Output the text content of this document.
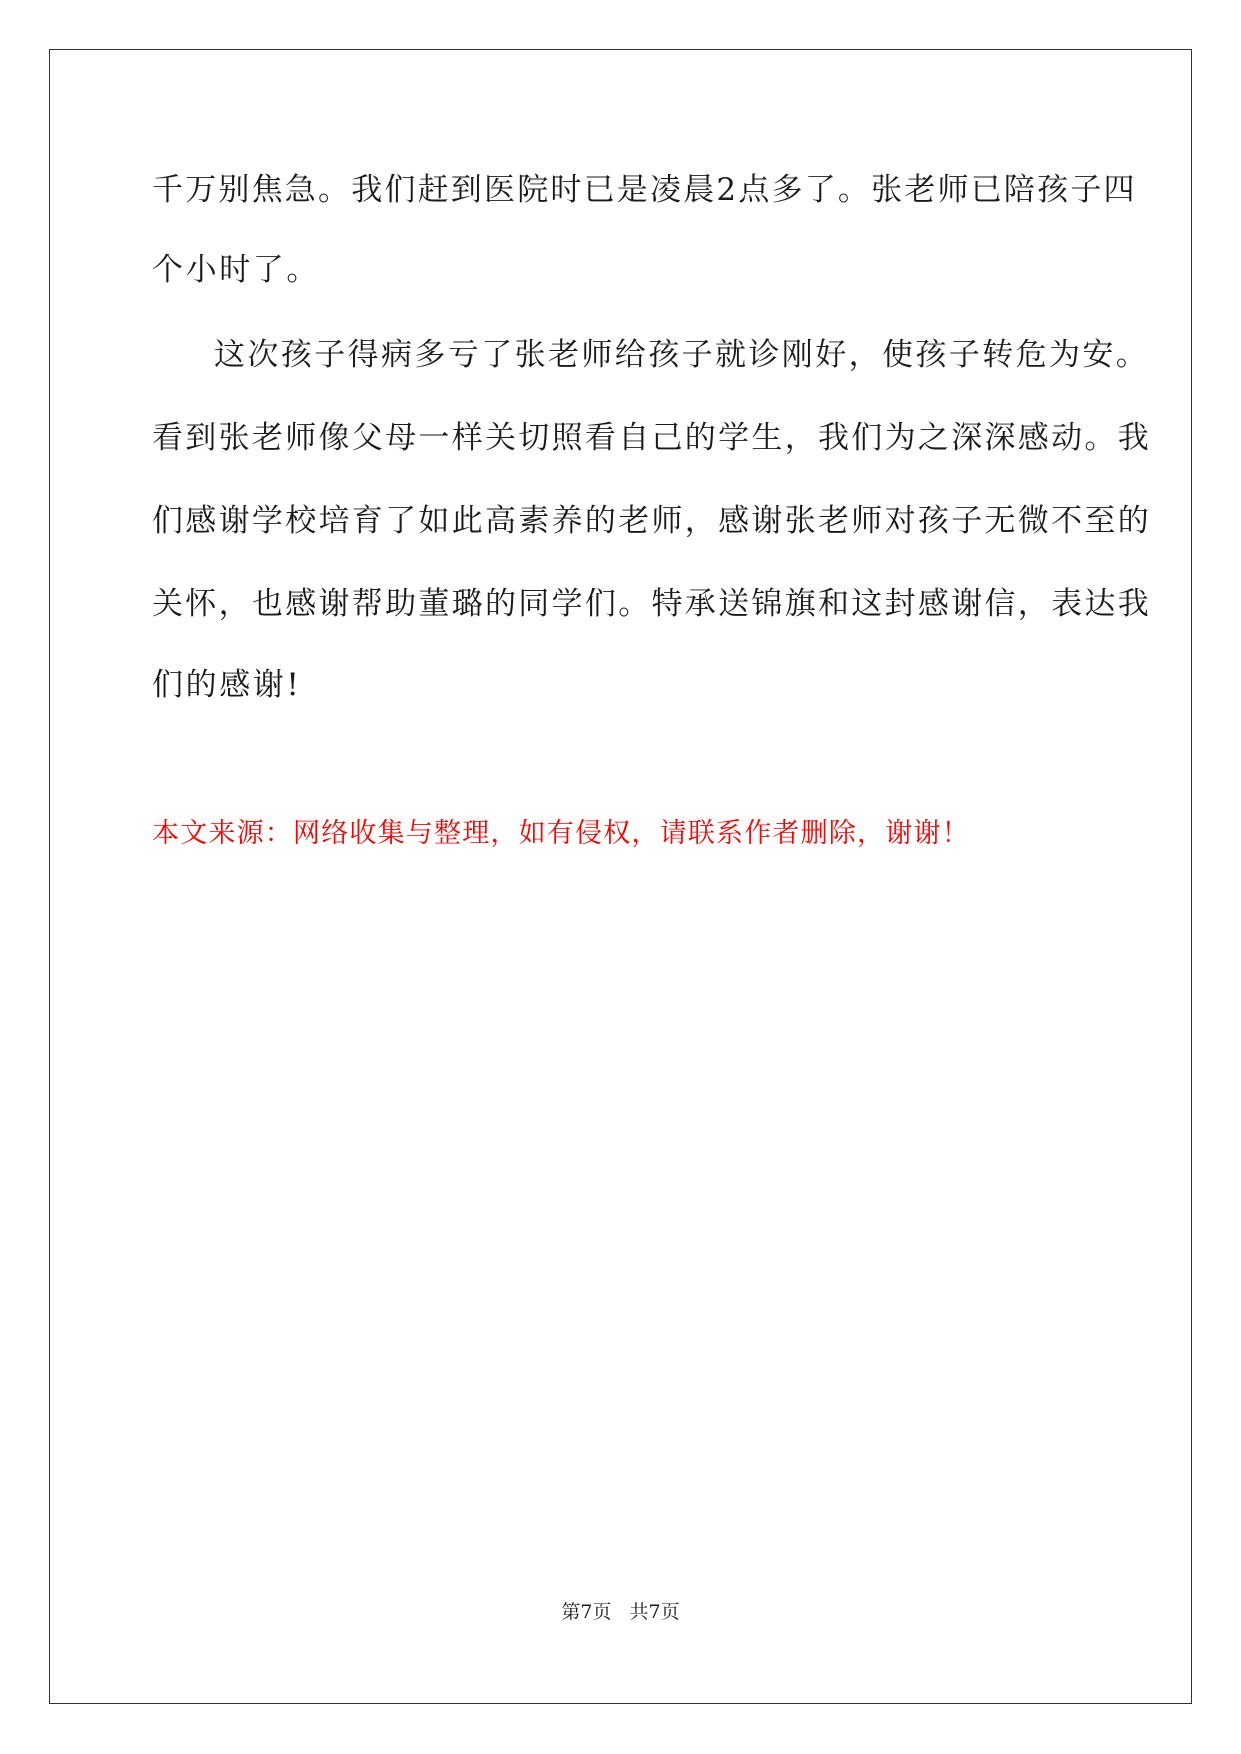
千万别焦急。我们赶到医院时已是凌晨2点多了。张老师已陪孩子四
个小时了。
这次孩子得病多亏了张老师给孩子就诊刚好，使孩子转危为安。
看到张老师像父母一样关切照看自己的学生，我们为之深深感动。我
们感谢学校培育了如此高素养的老师，感谢张老师对孩子无微不至的
关怀，也感谢帮助董璐的同学们。特承送锦旗和这封感谢信，表达我
们的感谢!
本文来源：网络收集与整理，如有侵权，请联系作者删除，谢谢！
第7页 共7页
